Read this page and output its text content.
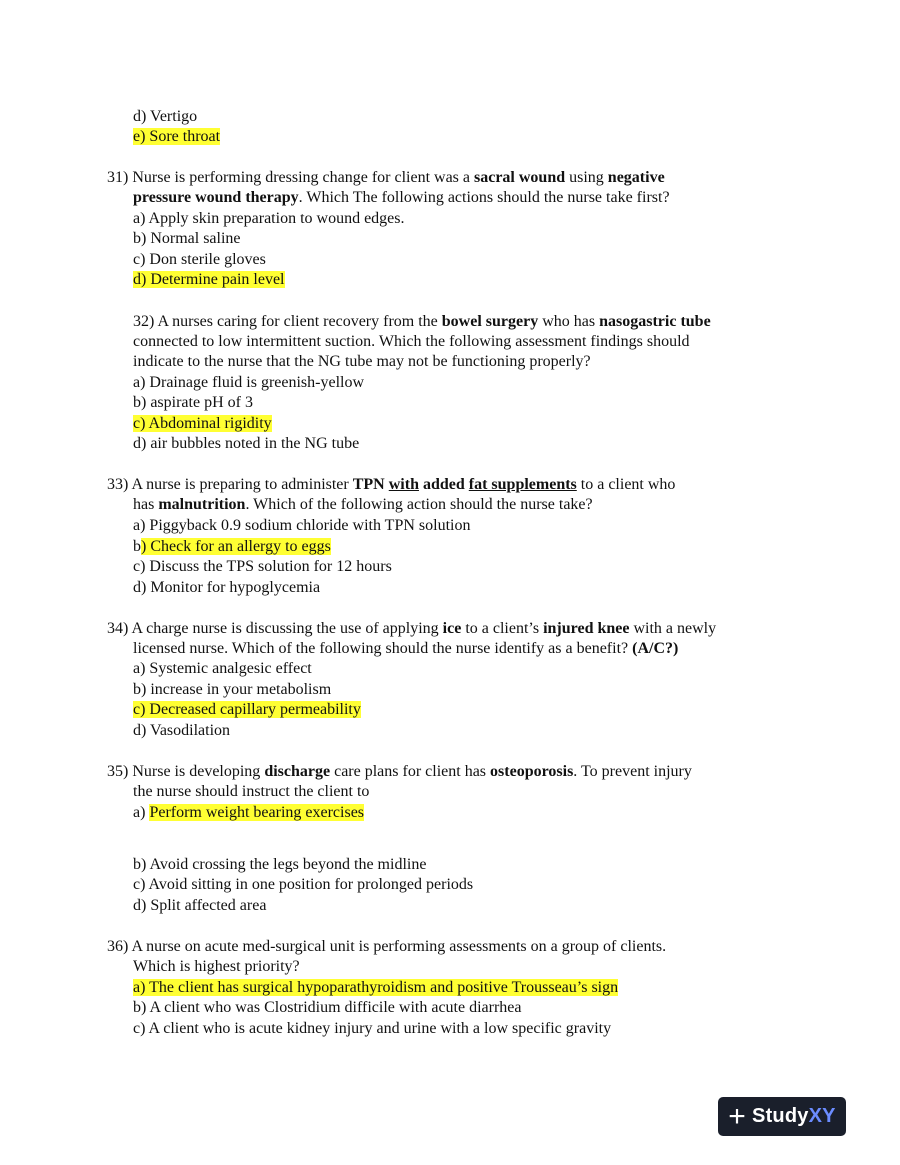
d) Vertigo
e) Sore throat
31) Nurse is performing dressing change for client was a sacral wound using negative
pressure wound therapy. Which The following actions should the nurse take first?
a) Apply skin preparation to wound edges.
b) Normal saline
c) Don sterile gloves
d) Determine pain level
32) A nurses caring for client recovery from the bowel surgery who has nasogastric tube
connected to low intermittent suction. Which the following assessment findings should
indicate to the nurse that the NG tube may not be functioning properly?
a) Drainage fluid is greenish-yellow
b) aspirate pH of 3
c) Abdominal rigidity
d) air bubbles noted in the NG tube
33) A nurse is preparing to administer TPN with added fat supplements to a client who
has malnutrition. Which of the following action should the nurse take?
a) Piggyback 0.9 sodium chloride with TPN solution
b) Check for an allergy to eggs
c) Discuss the TPS solution for 12 hours
d) Monitor for hypoglycemia
34) A charge nurse is discussing the use of applying ice to a client’s injured knee with a newly
licensed nurse. Which of the following should the nurse identify as a benefit? (A/C?)
a) Systemic analgesic effect
b) increase in your metabolism
c) Decreased capillary permeability
d) Vasodilation
35) Nurse is developing discharge care plans for client has osteoporosis. To prevent injury
the nurse should instruct the client to
a) Perform weight bearing exercises
b) Avoid crossing the legs beyond the midline
c) Avoid sitting in one position for prolonged periods
d) Split affected area
36) A nurse on acute med-surgical unit is performing assessments on a group of clients.
Which is highest priority?
a) The client has surgical hypoparathyroidism and positive Trousseau’s sign
b) A client who was Clostridium difficile with acute diarrhea
c) A client who is acute kidney injury and urine with a low specific gravity
+ Study XY
